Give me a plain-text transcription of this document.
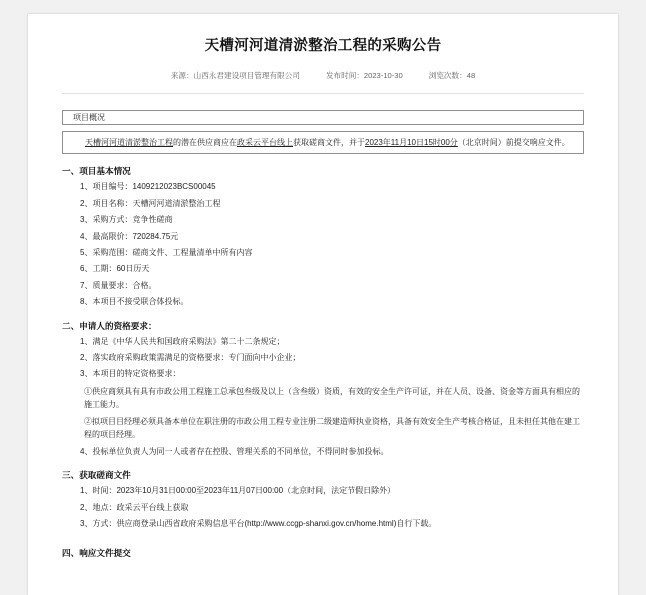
天槽河河道清淤整治工程的采购公告
来源：山西永君建设项目管理有限公司	发布时间：2023-10-30	浏览次数：48
项目概况
天槽河河道清淤整治工程的潜在供应商应在政采云平台线上获取磋商文件，并于2023年11月10日15时00分（北京时间）前提交响应文件。
一、项目基本情况
1、项目编号：1409212023BCS00045
2、项目名称：天槽河河道清淤整治工程
3、采购方式：竞争性磋商
4、最高限价：720284.75元
5、采购范围：磋商文件、工程量清单中所有内容
6、工期：60日历天
7、质量要求：合格。
8、本项目不接受联合体投标。
二、申请人的资格要求：
1、满足《中华人民共和国政府采购法》第二十二条规定；
2、落实政府采购政策需满足的资格要求：专门面向中小企业；
3、本项目的特定资格要求：

①供应商须具有具有市政公用工程施工总承包叁级及以上（含叁级）资质，有效的安全生产许可证，并在人员、设备、资金等方面具有相应的施工能力。

②拟项目目经理必须具备本单位在职注册的市政公用工程专业注册二级建造师执业资格，具备有效安全生产考核合格证，且未担任其他在建工程的项目经理。

4、投标单位负责人为同一人或者存在控股、管理关系的不同单位，不得同时参加投标。
三、获取磋商文件
1、时间：2023年10月31日00:00至2023年11月07日00:00（北京时间，法定节假日除外）
2、地点：政采云平台线上获取
3、方式：供应商登录山西省政府采购信息平台(http://www.ccgp-shanxi.gov.cn/home.html)自行下载。
四、响应文件提交
